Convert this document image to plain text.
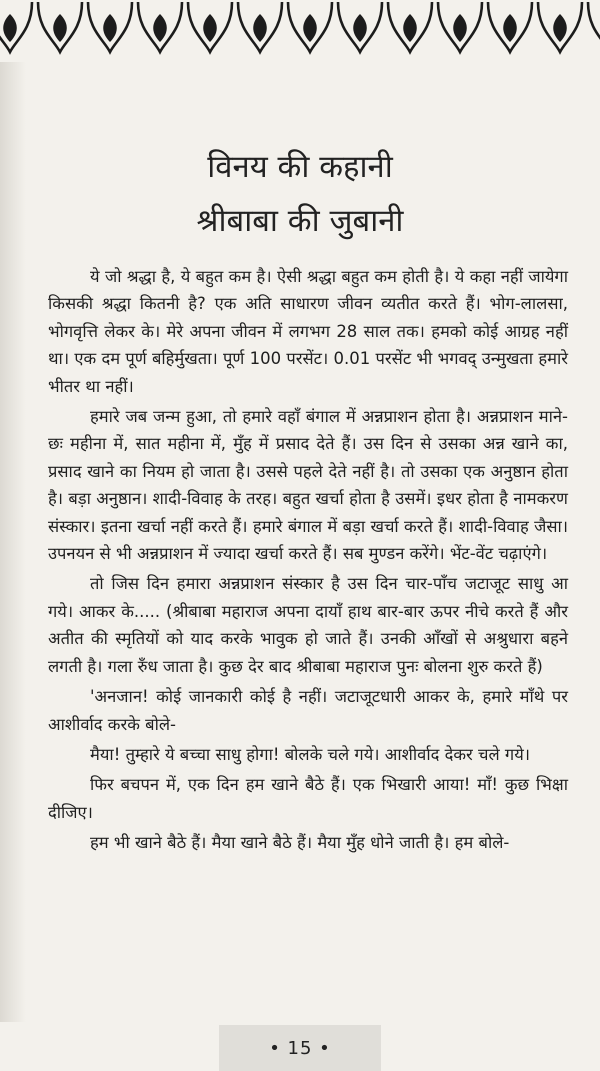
विनय की कहानी

श्रीबाबा की जुबानी

ये जो श्रद्धा है, ये बहुत कम है। ऐसी श्रद्धा बहुत कम होती है। ये कहा नहीं जायेगा किसकी श्रद्धा कितनी है? एक अति साधारण जीवन व्यतीत करते हैं। भोग-लालसा, भोगवृत्ति लेकर के। मेरे अपना जीवन में लगभग 28 साल तक। हमको कोई आग्रह नहीं था। एक दम पूर्ण बहिर्मुखता। पूर्ण 100 परसेंट। 0.01 परसेंट भी भगवद् उन्मुखता हमारे भीतर था नहीं।

हमारे जब जन्म हुआ, तो हमारे वहाँ बंगाल में अन्नप्राशन होता है। अन्नप्राशन माने-छः महीना में, सात महीना में, मुँह में प्रसाद देते हैं। उस दिन से उसका अन्न खाने का, प्रसाद खाने का नियम हो जाता है। उससे पहले देते नहीं है। तो उसका एक अनुष्ठान होता है। बड़ा अनुष्ठान। शादी-विवाह के तरह। बहुत खर्चा होता है उसमें। इधर होता है नामकरण संस्कार। इतना खर्चा नहीं करते हैं। हमारे बंगाल में बड़ा खर्चा करते हैं। शादी-विवाह जैसा। उपनयन से भी अन्नप्राशन में ज्यादा खर्चा करते हैं। सब मुण्डन करेंगे। भेंट-वेंट चढ़ाएंगे।

तो जिस दिन हमारा अन्नप्राशन संस्कार है उस दिन चार-पाँच जटाजूट साधु आ गये। आकर के..... (श्रीबाबा महाराज अपना दायाँ हाथ बार-बार ऊपर नीचे करते हैं और अतीत की स्मृतियों को याद करके भावुक हो जाते हैं। उनकी आँखों से अश्रुधारा बहने लगती है। गला रुँध जाता है। कुछ देर बाद श्रीबाबा महाराज पुनः बोलना शुरु करते हैं)

'अनजान! कोई जानकारी कोई है नहीं। जटाजूटधारी आकर के, हमारे माँथे पर आशीर्वाद करके बोले-

मैया! तुम्हारे ये बच्चा साधु होगा! बोलके चले गये। आशीर्वाद देकर चले गये।

फिर बचपन में, एक दिन हम खाने बैठे हैं। एक भिखारी आया! माँ! कुछ भिक्षा दीजिए।

हम भी खाने बैठे हैं। मैया खाने बैठे हैं। मैया मुँह धोने जाती है। हम बोले-

• 15 •
